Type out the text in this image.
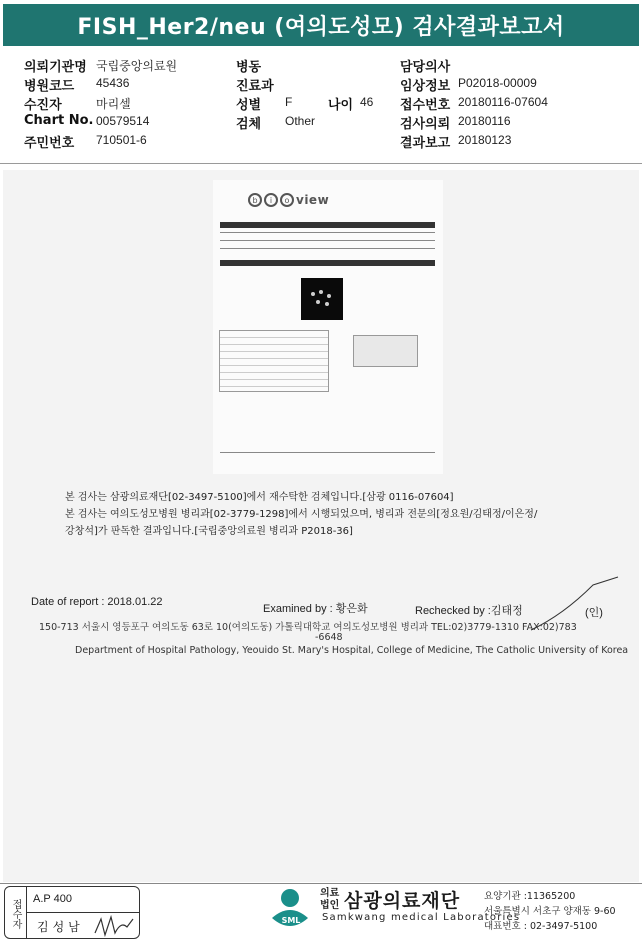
FISH_Her2/neu (여의도성모) 검사결과보고서
의뢰기관명 국립중앙의료원
병원코드 45436
수진자	마리셀
Chart No. 00579514
주민번호 710501-6
병동
진료과
성별 F	나이 46
검체 Other
담당의사
임상정보 P02018-00009
접수번호 20180116-07604
검사의뢰 20180116
결과보고 20180123
b	i	o view
본 검사는 삼광의료재단[02-3497-5100]에서 재수탁한 검체입니다.[삼광 0116-07604]
본 검사는 여의도성모병원 병리과[02-3779-1298]에서 시행되었으며, 병리과 전문의[정요원/김태정/이은정/
강창석]가 판독한 결과입니다.[국립중앙의료원 병리과 P2018-36]
Date of report : 2018.01.22
Examined by : 황은화	Rechecked by :김태정	(인)
150-713 서울시 영등포구 여의도동 63로 10(여의도동) 가톨릭대학교 여의도성모병원 병리과 TEL:02)3779-1310 FAX:02)783
-6648
Department of Hospital Pathology, Yeouido St. Mary's Hospital, College of Medicine, The Catholic University of Korea
접수자	A.P 400
김성남	SML
의료
법인 삼광의료재단
Samkwang medical Laboratories
요양기관 :11365200
서울특별시 서초구 양재동 9-60
대표번호 : 02-3497-5100
